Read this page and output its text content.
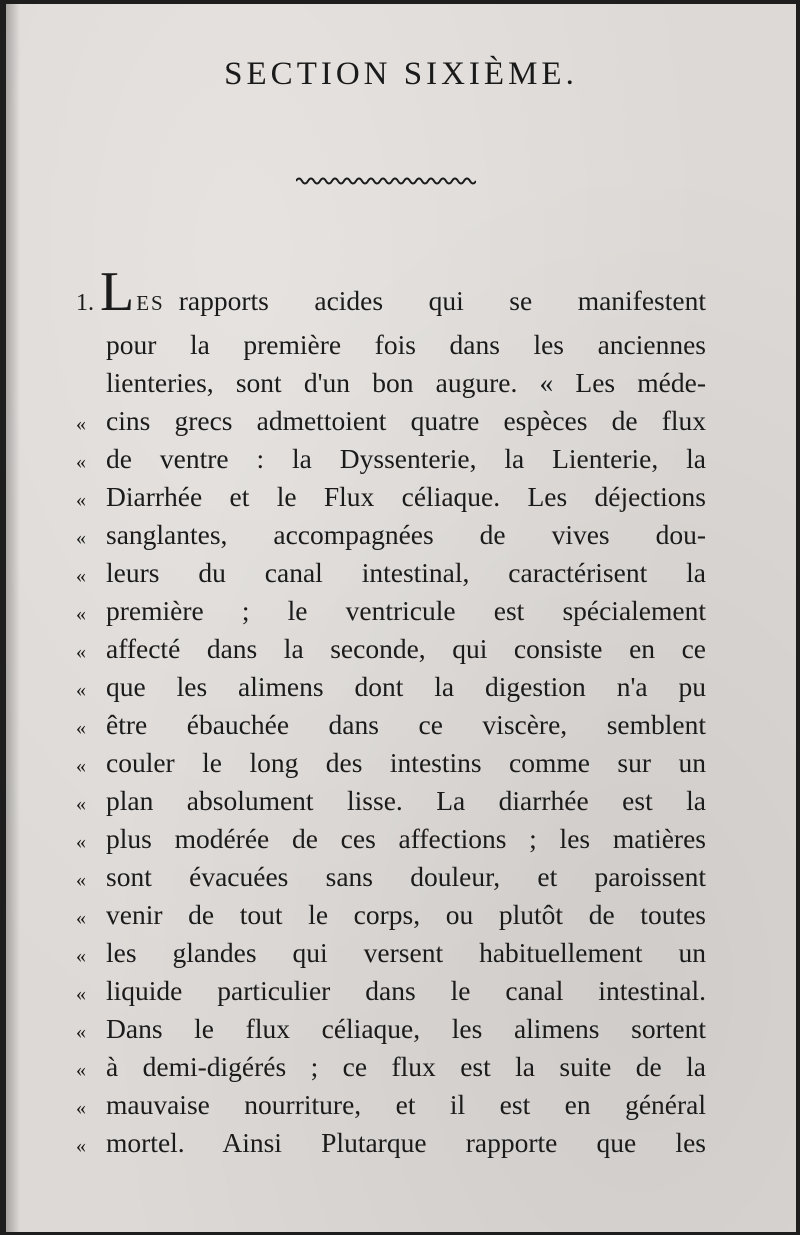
SECTION SIXIÈME.
1. L ES rapports acides qui se manifestent
pour la première fois dans les anciennes
lienteries, sont d'un bon augure. « Les méde-
« cins grecs admettoient quatre espèces de flux
« de ventre : la Dyssenterie, la Lienterie, la
« Diarrhée et le Flux céliaque. Les déjections
« sanglantes, accompagnées de vives dou-
« leurs du canal intestinal, caractérisent la
« première ; le ventricule est spécialement
« affecté dans la seconde, qui consiste en ce
« que les alimens dont la digestion n'a pu
« être ébauchée dans ce viscère, semblent
« couler le long des intestins comme sur un
« plan absolument lisse. La diarrhée est la
« plus modérée de ces affections ; les matières
« sont évacuées sans douleur, et paroissent
« venir de tout le corps, ou plutôt de toutes
« les glandes qui versent habituellement un
« liquide particulier dans le canal intestinal.
« Dans le flux céliaque, les alimens sortent
« à demi-digérés ; ce flux est la suite de la
« mauvaise nourriture, et il est en général
« mortel. Ainsi Plutarque rapporte que les
